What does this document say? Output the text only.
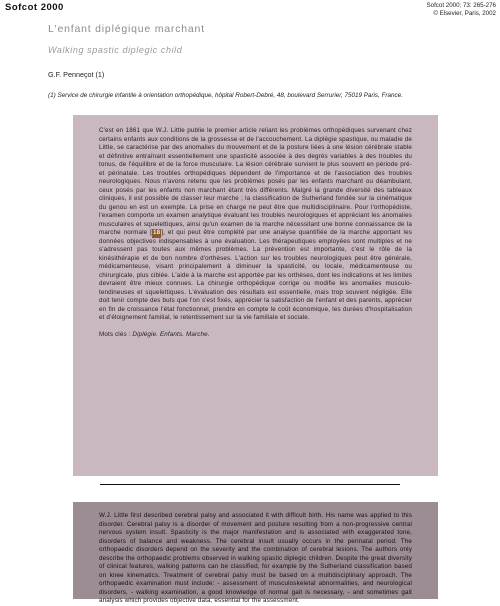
Sofcot 2000	Sofcot 2000; 73: 265-276
© Elsevier, Paris, 2002
L'enfant diplégique marchant
Walking spastic diplegic child
G.F. Penneçot (1)
(1) Service de chirurgie infantile à orientation orthopédique, hôpital Robert-Debré, 48, boulevard Serrurier, 75019 Paris, France.

C'est en 1861 que W.J. Little publie le premier article reliant les problèmes orthopédiques survenant chez certains enfants aux conditions de la grossesse et de l'accouchement. La diplégie spastique, ou maladie de Little, se caractérise par des anomalies du mouvement et de la posture liées à une lésion cérébrale stable et définitive entraînant essentiellement une spasticité associée à des degrés variables à des troubles du tonus, de l'équilibre et de la force musculaire. La lésion cérébrale survient le plus souvent en période pré- et périnatale. Les troubles orthopédiques dépendent de l'importance et de l'association des troubles neurologiques. Nous n'avons retenu que les problèmes posés par les enfants marchant ou déambulant, ceux posés par les enfants non marchant étant très différents. Malgré la grande diversité des tableaux cliniques, il est possible de classer leur marche ; la classification de Sutherland fondée sur la cinématique du genou en est un exemple. La prise en charge ne peut être que multidisciplinaire. Pour l'orthopédiste, l'examen comporte un examen analytique évaluant les troubles neurologiques et appréciant les anomalies musculaires et squelettiques, ainsi qu'un examen de la marche nécessitant une bonne connaissance de la marche normale [18], et qui peut être complété par une analyse quantifiée de la marche apportant les données objectives indispensables à une évaluation. Les thérapeutiques employées sont multiples et ne s'adressent pas toutes aux mêmes problèmes. La prévention est importante, c'est le rôle de la kinésithérapie et de bon nombre d'orthèses. L'action sur les troubles neurologiques peut être générale, médicamenteuse, visant principalement à diminuer la spasticité, ou locale, médicamenteuse ou chirurgicale, plus ciblée. L'aide à la marche est apportée par les orthèses, dont les indications et les limites devraient être mieux connues. La chirurgie orthopédique corrige ou modifie les anomalies musculo-tendineuses et squelettiques. L'évaluation des résultats est essentielle, mais trop souvent négligée. Elle doit tenir compte des buts que l'on s'est fixés, apprécier la satisfaction de l'enfant et des parents, apprécier en fin de croissance l'état fonctionnel, prendre en compte le coût économique, les durées d'hospitalisation et d'éloignement familial, le retentissement sur la vie familiale et sociale.

Mots clés : Diplégie. Enfants. Marche.

W.J. Little first described cerebral palsy and associated it with difficult birth. His name was applied to this disorder. Cerebral palsy is a disorder of movement and posture resulting from a non-progressive central nervous system insult. Spasticity is the major manifestation and is associated with exaggerated tone, disorders of balance and weakness. The cerebral insult usually occurs in the perinatal period. The orthopaedic disorders depend on the severity and the combination of cerebral lesions. The authors only describe the orthopaedic problems observed in walking spastic diplegic children. Despite the great diversity of clinical features, walking patterns can be classified, for example by the Sutherland classification based on knee kinematics. Treatment of cerebral palsy must be based on a multidisciplinary approach. The orthopaedic examination must include: - assessment of musculoskeletal abnormalities, and neurological disorders, - walking examination, a good knowledge of normal gait is necessary, - and sometimes gait analysis which provides objective data, essential for the assessment.
